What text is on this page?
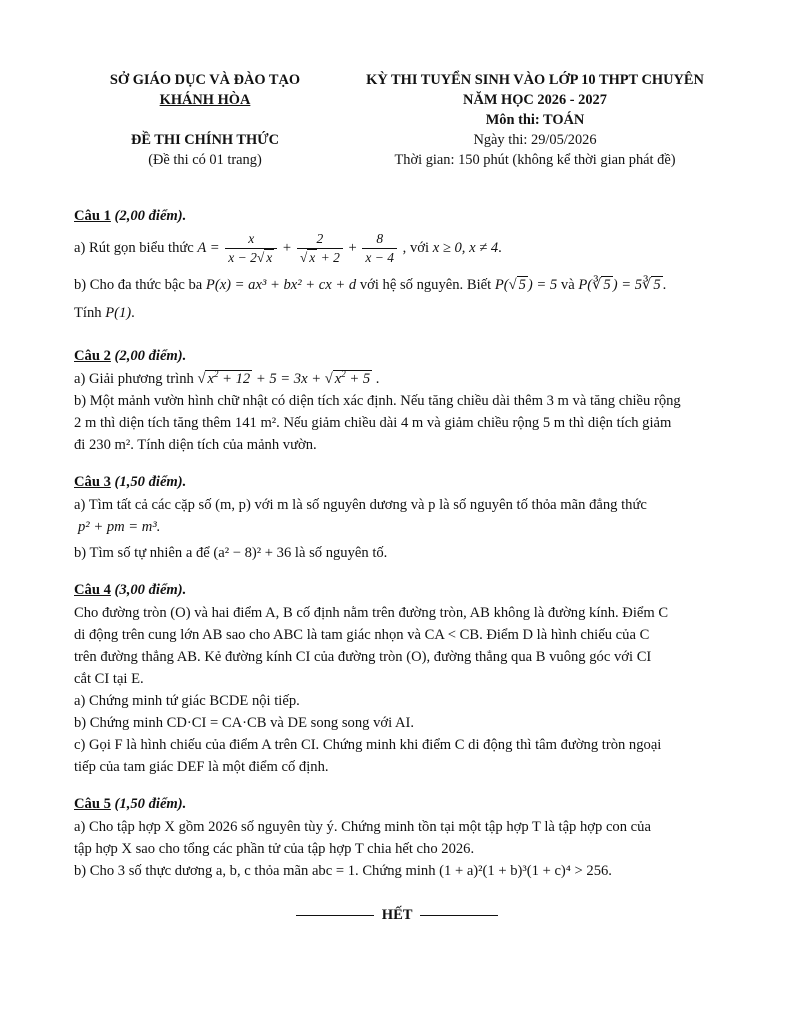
SỞ GIÁO DỤC VÀ ĐÀO TẠO
KHÁNH HÒA
ĐỀ THI CHÍNH THỨC
(Đề thi có 01 trang)
KỲ THI TUYỂN SINH VÀO LỚP 10 THPT CHUYÊN
NĂM HỌC 2026 - 2027
Môn thi: TOÁN
Ngày thi: 29/05/2026
Thời gian: 150 phút (không kể thời gian phát đề)
Câu 1 (2,00 điểm).

a) Rút gọn biểu thức $A = \frac{x}{x - 2√ x} + \frac{2}{√ x + 2} + \frac{8}{x - 4}$ , với x ≥ 0, x ≠ 4.

b) Cho đa thức bậc ba P(x) = ax³ + bx² + cx + d với hệ số nguyên. Biết P(√ 5 ) = 5 và P(∛ 5 ) = 5∛ 5 .

Tính P(1).

Câu 2 (2,00 điểm).

a) Giải phương trình √ $x^2 + 12 + 5 = 3x$ + √ $x^2 + 5$ .

b) Một mảnh vườn hình chữ nhật có diện tích xác định. Nếu tăng chiều dài thêm 3 m và tăng chiều rộng

2 m thì diện tích tăng thêm 141 m². Nếu giảm chiều dài 4 m và giảm chiều rộng 5 m thì diện tích giảm

đi 230 m². Tính diện tích của mảnh vườn.

Câu 3 (1,50 điểm).

a) Tìm tất cả các cặp số (m, p) với m là số nguyên dương và p là số nguyên tố thỏa mãn đẳng thức

p² + pm = m³.

b) Tìm số tự nhiên a để (a² − 8)² + 36 là số nguyên tố.

Câu 4 (3,00 điểm).

Cho đường tròn (O) và hai điểm A, B cố định nằm trên đường tròn, AB không là đường kính. Điểm C

di động trên cung lớn AB sao cho ABC là tam giác nhọn và CA < CB. Điểm D là hình chiếu của C

trên đường thẳng AB. Kẻ đường kính CI của đường tròn (O), đường thẳng qua B vuông góc với CI

cắt CI tại E.

a) Chứng minh tứ giác BCDE nội tiếp.

b) Chứng minh CD·CI = CA·CB và DE song song với AI.

c) Gọi F là hình chiếu của điểm A trên CI. Chứng minh khi điểm C di động thì tâm đường tròn ngoại

tiếp của tam giác DEF là một điểm cố định.

Câu 5 (1,50 điểm).

a) Cho tập hợp X gồm 2026 số nguyên tùy ý. Chứng minh tồn tại một tập hợp T là tập hợp con của

tập hợp X sao cho tổng các phần tử của tập hợp T chia hết cho 2026.

b) Cho 3 số thực dương a, b, c thỏa mãn abc = 1. Chứng minh (1 + a)²(1 + b)³(1 + c)⁴ > 256.

HẾT
